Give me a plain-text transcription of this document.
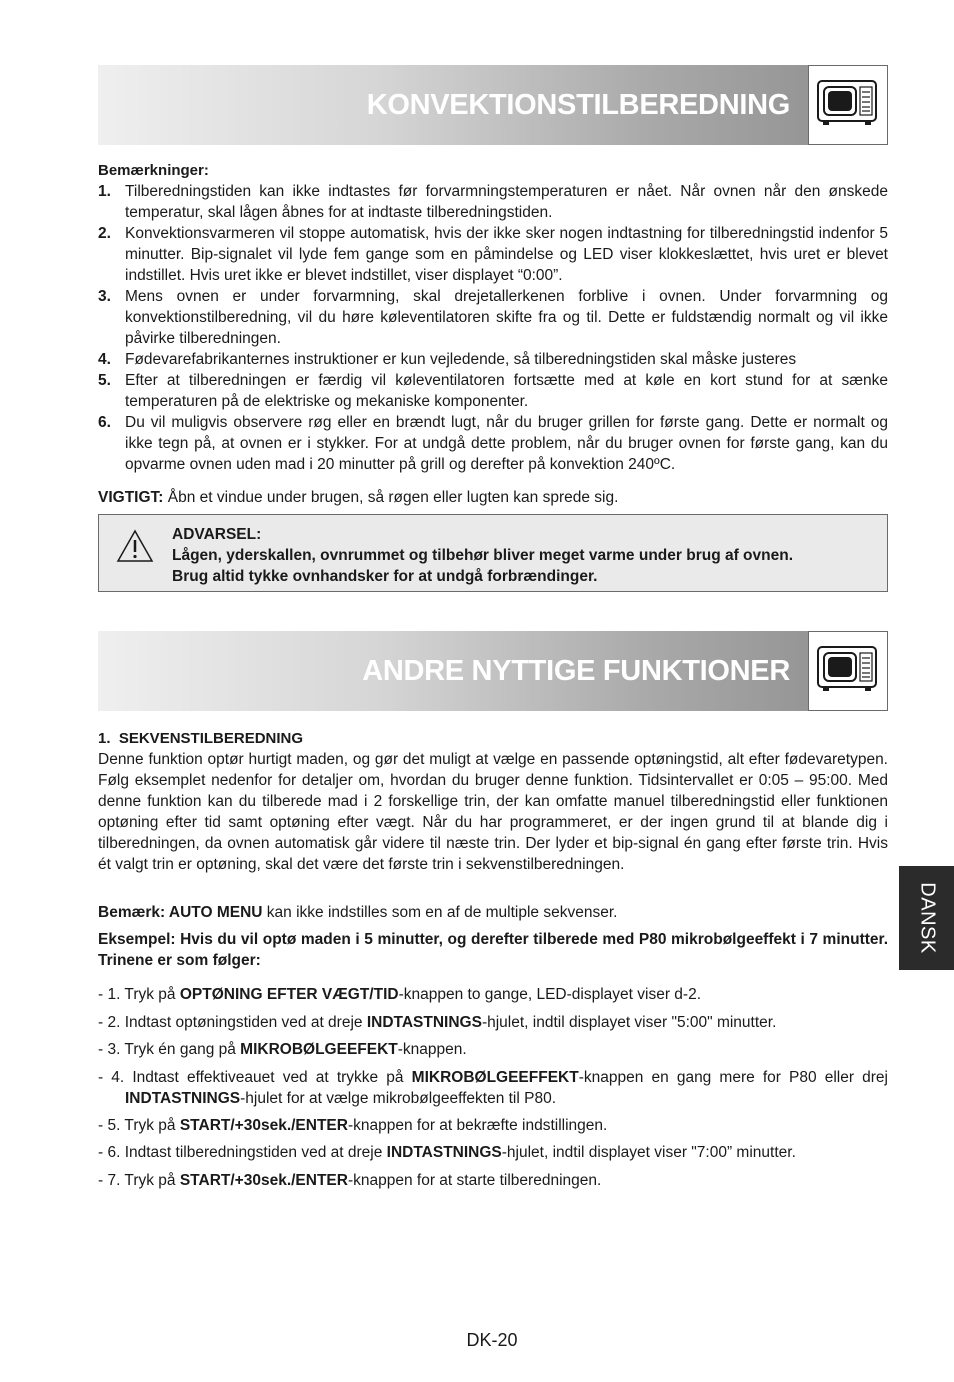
KONVEKTIONSTILBEREDNING
Bemærkninger:
1. Tilberedningstiden kan ikke indtastes før forvarmningstemperaturen er nået. Når ovnen når den ønskede temperatur, skal lågen åbnes for at indtaste tilberedningstiden.
2. Konvektionsvarmeren vil stoppe automatisk, hvis der ikke sker nogen indtastning for tilberedningstid indenfor 5 minutter. Bip-signalet vil lyde fem gange som en påmindelse og LED viser klokkeslættet, hvis uret er blevet indstillet. Hvis uret ikke er blevet indstillet, viser displayet “0:00”.
3. Mens ovnen er under forvarmning, skal drejetallerkenen forblive i ovnen. Under forvarmning og konvektionstilberedning, vil du høre køleventilatoren skifte fra og til. Dette er fuldstændig normalt og vil ikke påvirke tilberedningen.
4. Fødevarefabrikanternes instruktioner er kun vejledende, så tilberedningstiden skal måske justeres
5. Efter at tilberedningen er færdig vil køleventilatoren fortsætte med at køle en kort stund for at sænke temperaturen på de elektriske og mekaniske komponenter.
6. Du vil muligvis observere røg eller en brændt lugt, når du bruger grillen for første gang. Dette er normalt og ikke tegn på, at ovnen er i stykker. For at undgå dette problem, når du bruger ovnen for første gang, kan du opvarme ovnen uden mad i 20 minutter på grill og derefter på konvektion 240ºC.
VIGTIGT: Åbn et vindue under brugen, så røgen eller lugten kan sprede sig.
ADVARSEL:
Lågen, yderskallen, ovnrummet og tilbehør bliver meget varme under brug af ovnen.
Brug altid tykke ovnhandsker for at undgå forbrændinger.
ANDRE NYTTIGE FUNKTIONER
1.  SEKVENSTILBEREDNING
Denne funktion optør hurtigt maden, og gør det muligt at vælge en passende optøningstid, alt efter fødevaretypen. Følg eksemplet nedenfor for detaljer om, hvordan du bruger denne funktion. Tidsintervallet er 0:05 – 95:00. Med denne funktion kan du tilberede mad i 2 forskellige trin, der kan omfatte manuel tilberedningstid eller funktionen optøning efter tid samt optøning efter vægt. Når du har programmeret, er der ingen grund til at blande dig i tilberedningen, da ovnen automatisk går videre til næste trin. Der lyder et bip-signal én gang efter første trin. Hvis ét valgt trin er optøning, skal det være det første trin i sekvenstilberedningen.
Bemærk: AUTO MENU kan ikke indstilles som en af de multiple sekvenser.
Eksempel: Hvis du vil optø maden i 5 minutter, og derefter tilberede med P80 mikrobølgeeffekt i 7 minutter. Trinene er som følger:
- 1. Tryk på OPTØNING EFTER VÆGT/TID-knappen to gange, LED-displayet viser d-2.
- 2. Indtast optøningstiden ved at dreje INDTASTNINGS-hjulet, indtil displayet viser "5:00" minutter.
- 3. Tryk én gang på MIKROBØLGEEFEKT-knappen.
- 4. Indtast effektiveauet ved at trykke på MIKROBØLGEEFFEKT-knappen en gang mere for P80 eller drej INDTASTNINGS-hjulet for at vælge mikrobølgeeffekten til P80.
- 5. Tryk på START/+30sek./ENTER-knappen for at bekræfte indstillingen.
- 6. Indtast tilberedningstiden ved at dreje INDTASTNINGS-hjulet, indtil displayet viser "7:00” minutter.
- 7. Tryk på START/+30sek./ENTER-knappen for at starte tilberedningen.
DANSK
DK-20
